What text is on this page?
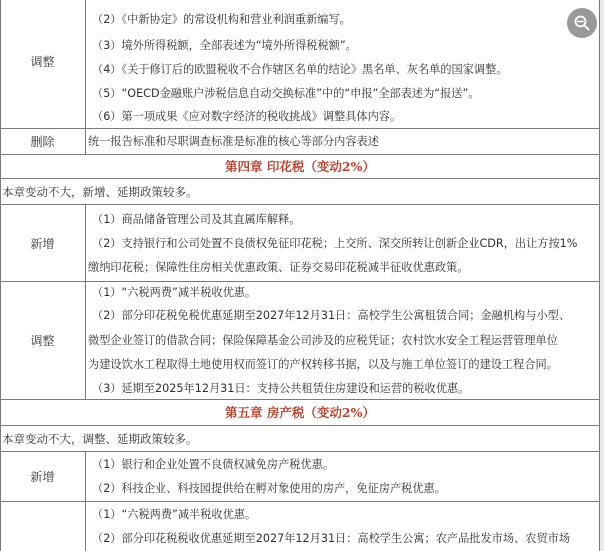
调整
（2）《中新协定》的常设机构和营业利润重新编写。
（3）境外所得税额，全部表述为“境外所得税税额”。
（4）《关于修订后的欧盟税收不合作辖区名单的结论》黑名单、灰名单的国家调整。
（5）“OECD金融账户涉税信息自动交换标准”中的“申报”全部表述为“报送”。
（6）第一项成果《应对数字经济的税收挑战》调整具体内容。
删除	统一报告标准和尽职调查标准是标准的核心等部分内容表述
第四章 印花税（变动2%）
本章变动不大，新增、延期政策较多。
新增
（1）商品储备管理公司及其直属库解释。
（2）支持银行和公司处置不良债权免征印花税；上交所、深交所转让创新企业CDR，出让方按1%
缴纳印花税；保障性住房相关优惠政策、证券交易印花税减半征收优惠政策。
调整
（1）“六税两费”减半税收优惠。
（2）部分印花税免税优惠延期至2027年12月31日：高校学生公寓租赁合同；金融机构与小型、
微型企业签订的借款合同；保险保障基金公司涉及的应税凭证；农村饮水安全工程运营管理单位
为建设饮水工程取得土地使用权而签订的产权转移书据，以及与施工单位签订的建设工程合同。
（3）延期至2025年12月31日：支持公共租赁住房建设和运营的税收优惠。
第五章 房产税（变动2%）
本章变动不大，调整、延期政策较多。
新增
（1）银行和企业处置不良债权减免房产税优惠。
（2）科技企业、科技园提供给在孵对象使用的房产，免征房产税优惠。
（1）“六税两费”减半税收优惠。
（2）部分印花税税收优惠延期至2027年12月31日：高校学生公寓；农产品批发市场、农贸市场
